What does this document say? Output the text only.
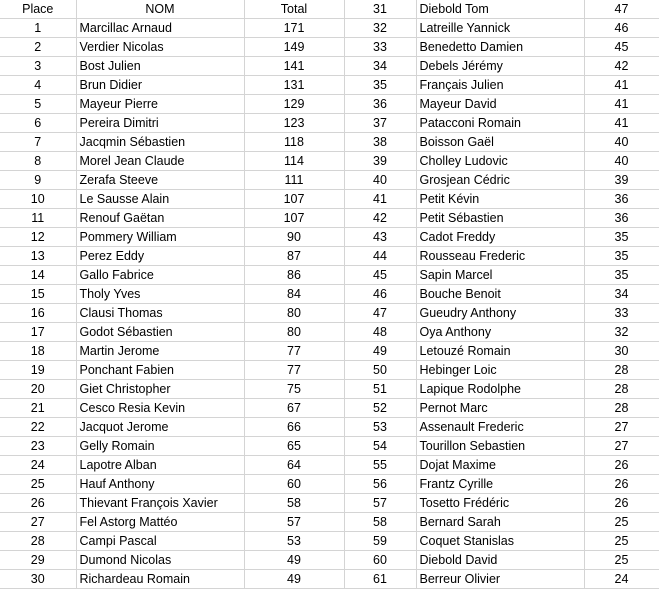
Place	NOM	Total	31	Diebold Tom	47
1	Marcillac Arnaud	171	32	Latreille Yannick	46
2	Verdier Nicolas	149	33	Benedetto Damien	45
3	Bost Julien	141	34	Debels Jérémy	42
4	Brun Didier	131	35	Français Julien	41
5	Mayeur Pierre	129	36	Mayeur David	41
6	Pereira Dimitri	123	37	Patacconi Romain	41
7	Jacqmin Sébastien	118	38	Boisson Gaël	40
8	Morel Jean Claude	114	39	Cholley Ludovic	40
9	Zerafa Steeve	111	40	Grosjean Cédric	39
10	Le Sausse Alain	107	41	Petit Kévin	36
11	Renouf Gaëtan	107	42	Petit Sébastien	36
12	Pommery William	90	43	Cadot Freddy	35
13	Perez Eddy	87	44	Rousseau Frederic	35
14	Gallo Fabrice	86	45	Sapin Marcel	35
15	Tholy Yves	84	46	Bouche Benoit	34
16	Clausi Thomas	80	47	Gueudry Anthony	33
17	Godot Sébastien	80	48	Oya Anthony	32
18	Martin Jerome	77	49	Letouzé Romain	30
19	Ponchant Fabien	77	50	Hebinger Loic	28
20	Giet Christopher	75	51	Lapique Rodolphe	28
21	Cesco Resia Kevin	67	52	Pernot Marc	28
22	Jacquot Jerome	66	53	Assenault Frederic	27
23	Gelly Romain	65	54	Tourillon Sebastien	27
24	Lapotre Alban	64	55	Dojat Maxime	26
25	Hauf Anthony	60	56	Frantz Cyrille	26
26	Thievant François Xavier	58	57	Tosetto Frédéric	26
27	Fel Astorg Mattéo	57	58	Bernard Sarah	25
28	Campi Pascal	53	59	Coquet Stanislas	25
29	Dumond Nicolas	49	60	Diebold David	25
30	Richardeau Romain	49	61	Berreur Olivier	24
